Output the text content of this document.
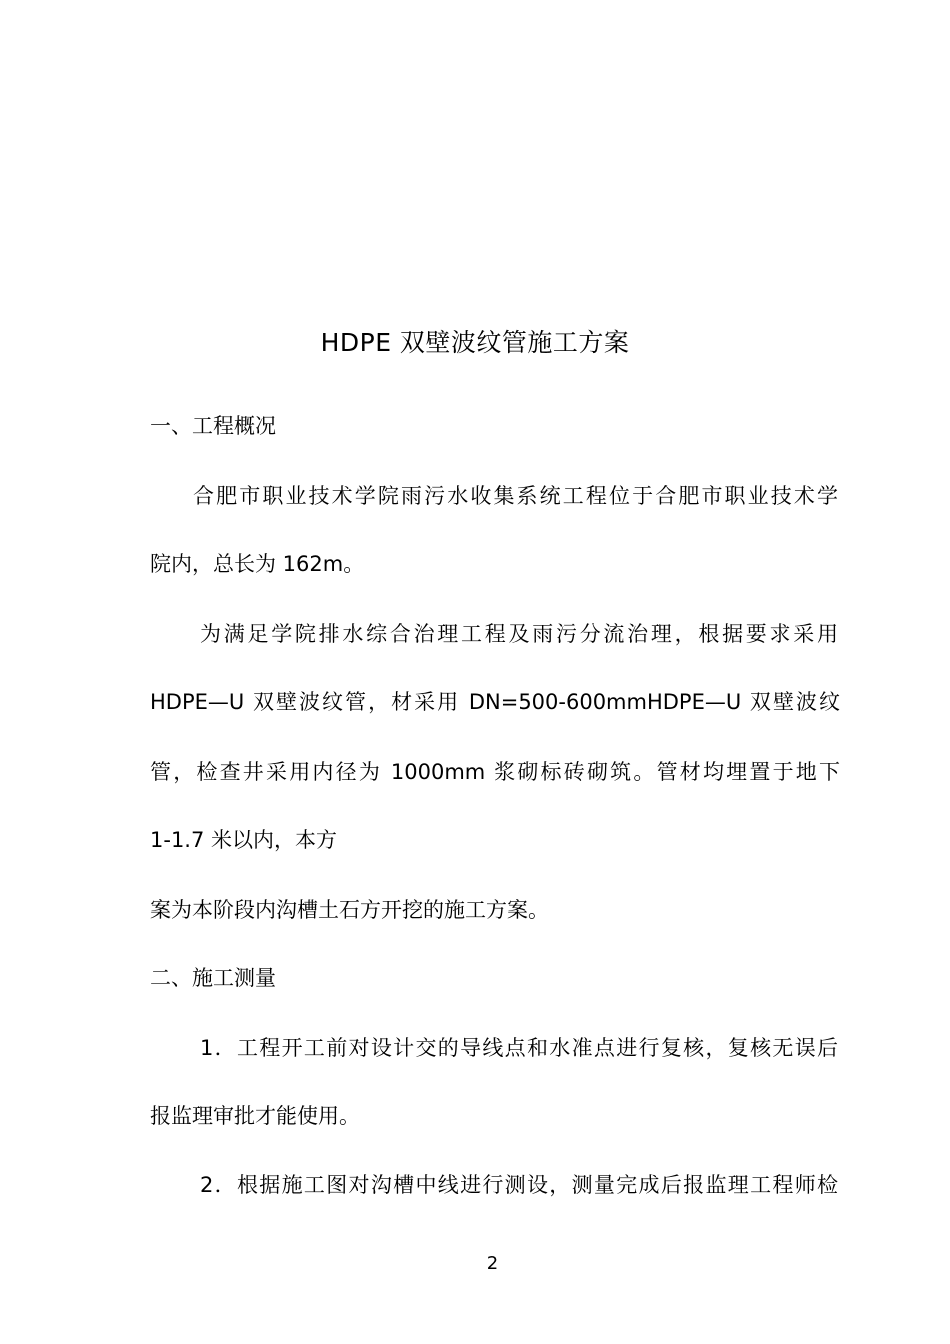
HDPE 双壁波纹管施工方案
一、工程概况
合肥市职业技术学院雨污水收集系统工程位于合肥市职业技术学
院内，总长为 162m。
为满足学院排水综合治理工程及雨污分流治理，根据要求采用
HDPE—U 双壁波纹管，材采用 DN=500-600mmHDPE—U 双壁波纹
管，检查井采用内径为 1000mm 浆砌标砖砌筑。管材均埋置于地下
1-1.7 米以内，本方
案为本阶段内沟槽土石方开挖的施工方案。
二、施工测量
1．工程开工前对设计交的导线点和水准点进行复核，复核无误后
报监理审批才能使用。
2．根据施工图对沟槽中线进行测设，测量完成后报监理工程师检
2
